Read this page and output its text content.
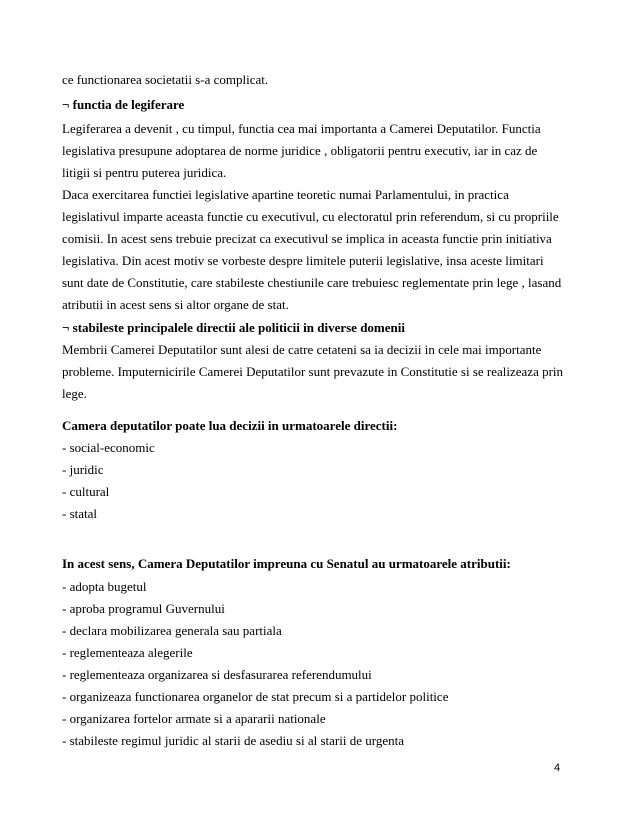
ce functionarea societatii s-a complicat.
¬ functia de legiferare
Legiferarea a devenit , cu timpul, functia cea mai importanta a Camerei Deputatilor. Functia
legislativa presupune adoptarea de norme juridice , obligatorii pentru executiv, iar in caz de
litigii si pentru puterea juridica.
Daca exercitarea functiei legislative apartine teoretic numai Parlamentului, in practica
legislativul imparte aceasta functie cu executivul, cu electoratul prin referendum, si cu propriile
comisii. In acest sens trebuie precizat ca executivul se implica in aceasta functie prin initiativa
legislativa. Din acest motiv se vorbeste despre limitele puterii legislative, insa aceste limitari
sunt date de Constitutie, care stabileste chestiunile care trebuiesc reglementate prin lege , lasand
atributii in acest sens si altor organe de stat.
¬ stabileste principalele directii ale politicii in diverse domenii
Membrii Camerei Deputatilor sunt alesi de catre cetateni sa ia decizii in cele mai importante
probleme. Imputernicirile Camerei Deputatilor sunt prevazute in Constitutie si se realizeaza prin
lege.
Camera deputatilor poate lua decizii in urmatoarele directii:
- social-economic
- juridic
- cultural
- statal
In acest sens, Camera Deputatilor impreuna cu Senatul au urmatoarele atributii:
- adopta bugetul
- aproba programul Guvernului
- declara mobilizarea generala sau partiala
- reglementeaza alegerile
- reglementeaza organizarea si desfasurarea referendumului
- organizeaza functionarea organelor de stat precum si a partidelor politice
- organizarea fortelor armate si a apararii nationale
- stabileste regimul juridic al starii de asediu si al starii de urgenta
4
